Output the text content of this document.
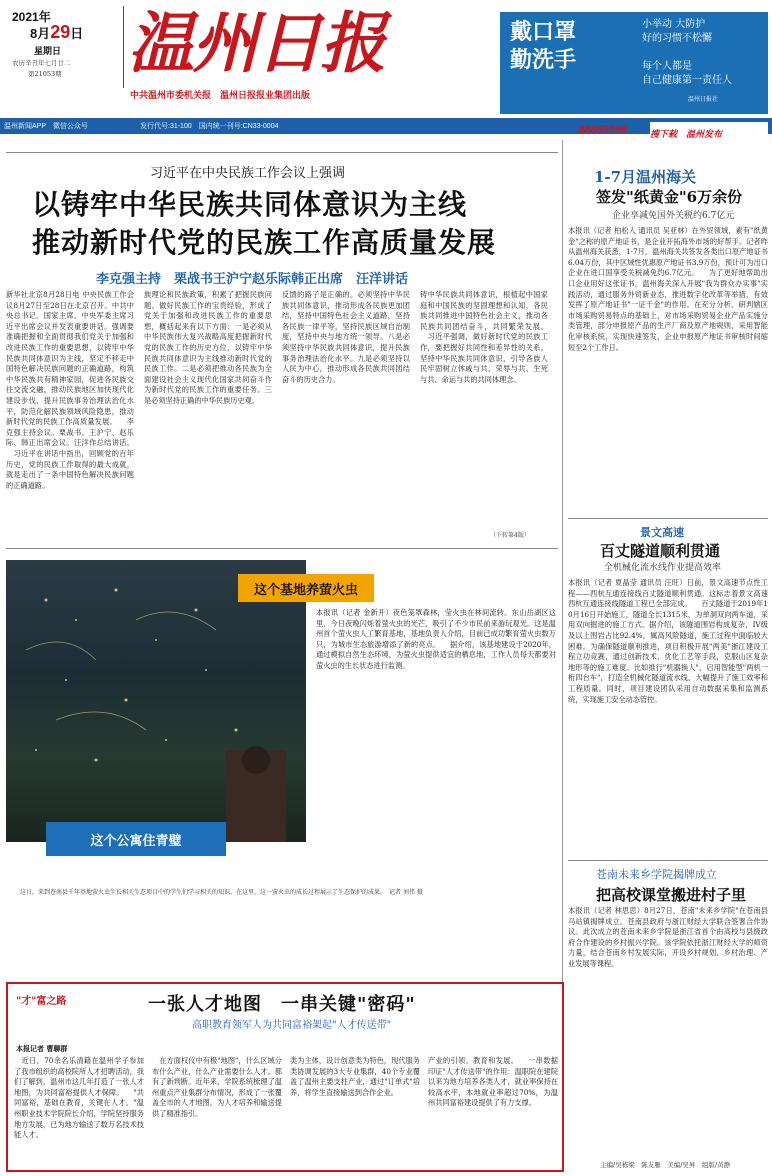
2021年
8月29日
星期日
农历辛丑年七月廿二
第21053期 温州日报
中共温州市委机关报　温州日报报业集团出版
戴口罩
勤洗手
小举动 大防护
好的习惯不松懈
每个人都是
自己健康第一责任人
温州日报社
温州新闻APP　微信公众号	发行代号:31-100　国内统一刊号:CN33-0004	88869996	搜下载　温州发布
习近平在中央民族工作会议上强调
以铸牢中华民族共同体意识为主线
推动新时代党的民族工作高质量发展
李克强主持　栗战书王沪宁赵乐际韩正出席　汪洋讲话
新华社北京8月28日电 中央民族工作会议8月27日至28日在北京召开。中共中央总书记、国家主席、中央军委主席习近平出席会议并发表重要讲话。强调要准确把握和全面贯彻我们党关于加强和改进民族工作的重要思想，以铸牢中华民族共同体意识为主线，坚定不移走中国特色解决民族问题的正确道路，构筑中华民族共有精神家园，促进各民族交往交流交融，推动民族地区加快现代化建设步伐，提升民族事务治理法治化水平，防范化解民族领域风险隐患，推动新时代党的民族工作高质量发展。 　李克强主持会议。栗战书、王沪宁、赵乐际、韩正出席会议。汪洋作总结讲话。 　习近平在讲话中指出，回顾党的百年历史，党的民族工作取得的最大成就，就是走出了一条中国特色解决民族问题的正确道路。
族理论和民族政策，积累了把握民族问题、做好民族工作的宝贵经验，形成了党关于加强和改进民族工作的重要思想，概括起来有以下方面：一是必须从中华民族伟大复兴战略高度把握新时代党的民族工作的历史方位，以铸牢中华民族共同体意识为主线推动新时代党的民族工作。二是必须把推动各民族为全面建设社会主义现代化国家共同奋斗作为新时代党的民族工作的重要任务。三是必须坚持正确的中华民族历史观。
反馈的路子是正确的。必须坚持中华民族共同体意识，推动形成各民族更加团结，坚持中国特色社会主义道路，坚持各民族一律平等，坚持民族区域自治制度，坚持中央与地方统一领导。八是必须坚持中华民族共同体意识，提升民族事务治理法治化水平。九是必须坚持以人民为中心，推动形成各民族共同团结奋斗的历史合力。
铸中华民族共同体意识，根植起中国家庭和中国民族的坚固理想和认知，各民族共同推进中国特色社会主义，推动各民族共同团结奋斗，共同繁荣发展。 　习近平强调，做好新时代党的民族工作，要把握好共同性和差异性的关系，坚持中华民族共同体意识，引导各族人民牢固树立休戚与共、荣辱与共、生死与共、命运与共的共同体理念。
（下转第4版）
1-7月温州海关
签发"纸黄金"6万余份
企业享减免国外关税约6.7亿元
本报讯（记者 柏松人 通讯员 吴亚林）在外贸领域，素有"纸黄金"之称的原产地证书，是企业开拓海外市场的好帮手。记者昨从温州海关获悉，1-7月，温州海关共签发各类出口原产地证书6.04万份，其中区域性优惠原产地证书3.9万份，预计可为出口企业在进口国享受关税减免约6.7亿元。 　为了更好地帮助出口企业用好这张证书，温州海关深入开展"我为群众办实事"实践活动，通过服务外贸新业态，推进数字化改革等举措，有效发挥了原产地证书"一证千金"的作用。在充分分析、研判辖区市场采购贸易特点的基础上，对市场采购贸易企业产品实施分类管理，部分申报原产品的生产厂商及原产地规则，采用智能化审核系统，实现快速签发，企业申报原产地证书审核时间缩短至2个工作日。
景文高速
百丈隧道顺利贯通
全机械化流水线作业提高效率
本报讯（记者 夏晶莹 通讯员 汪旺）日前，景文高速节点性工程——西杭互通连接线百丈隧道顺利贯通。这标志着景文高速西杭互通连接线隧道工程已全部完成。 　百丈隧道于2019年10月16日开始施工，隧道全长1315米，为单洞双向两车道，采用双向掘进的施工方式。据介绍，该隧道围岩构成复杂，IV级及以上围岩占比92.4%，属高风险隧道，施工过程中面临较大困难。为确保隧道顺利推进，项目积极开展"两美"浙江建设工程立功竞赛，通过创新技术、优化工艺等手段，克服山区复杂地形等的施工难度。比如推行"机器换人"，启用智能型"两机一桁四台车"，打造全机械化隧道流水线，大幅提升了施工效率和工程质量。同时，项目建设团队采用自动数据采集和监测系统，实现施工安全动态管控。
苍南未来乡学院揭牌成立
把高校课堂搬进村子里
本报讯（记者 林思思）8月27日，苍南"未来乡学院"在苍南县马站镇揭牌成立。苍南县政府与浙江财经大学联合签署合作协议。此次成立的苍南未来乡学院是浙江省首个由高校与县级政府合作建设的乡村振兴学院。该学院依托浙江财经大学的师资力量，结合苍南乡村发展实际，开设乡村规划、乡村治理、产业发展等课程。
主编/吴栋梁　陈友雁　美编/吴昇　组版/黄静
这个基地养萤火虫
本报讯（记者 金新开）夜色笼罩森林，莹火虫在林间流转。东山岳湖区这里，今日夜晚闪烁着萤火虫的光芒，吸引了不少市民前来游玩观光。这是温州首个萤火虫人工繁育基地，基地负责人介绍，目前已成功繁育萤火虫数万只，为城市生态旅游增添了新的亮点。 　据介绍，该基地建设于2020年，通过模拟自然生态环境，为萤火虫提供适宜的栖息地，工作人员每天都要对萤火虫的生长状态进行监测。
这个公寓住青璧
这日，来到苍南县千年基地萤火虫生长相关生态项目中的学生们学习相关的知识。在这里，这一萤火虫的成长过程展示了生态保护的成果。　记者 刘伟 摄
"才"富之路	一张人才地图　一串关键"密码"
高职教育领军人为共同富裕架起"人才传送带"
本报记者 曹聊群
　近日，70余名乐清籍在温州学子参加了我市组织的高校院所人才招聘活动，我们了解到，温州市这几年打造了一张人才地图，为共同富裕提供人才保障。 　"共同富裕，基础在教育，关键在人才。"温州职业技术学院院长介绍，学院坚持服务地方发展，已为地方输送了数万名技术技能人才。
　在方面权仪中有极"地图"，什么区域分布什么产业，什么产业需要什么人才。都有了新判断。近年来，学院系统梳理了温州重点产业集群分布情况，形成了一张覆盖全市的人才地图，为人才培养和输送提供了精准指引。
类为主体，设计创意类为特色，现代服务类协调发展的3大专业集群，40个专业覆盖了温州主要支柱产业，通过"订单式"培养，将学生直接输送到合作企业。
产业的引领、教育和发展。 　一串数据印证"人才传送带"的作用：温职院在建院以来为地方培养各类人才，就业率保持在较高水平，本地就业率超过70%，为温州共同富裕建设提供了有力支撑。
